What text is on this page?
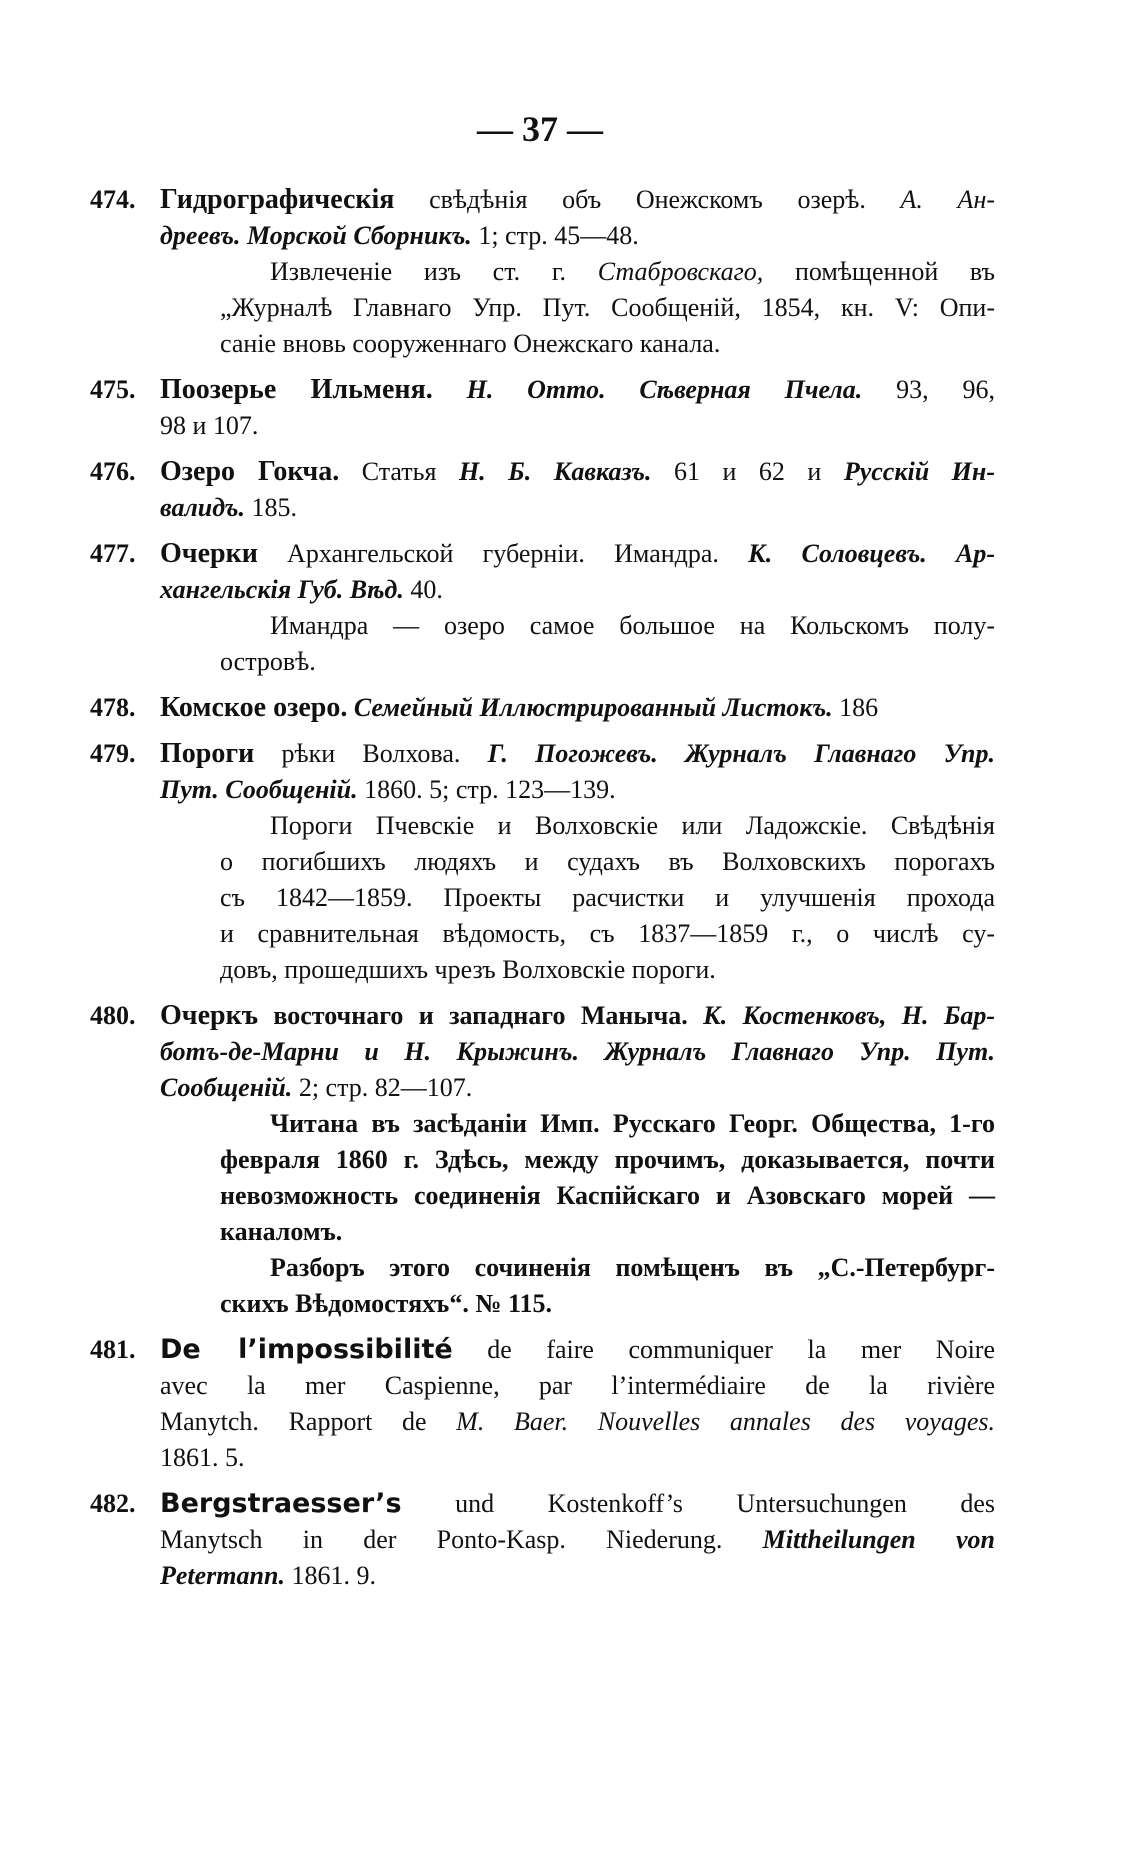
— 37 —
474. Гидрографическія свѣдѣнія объ Онежскомъ озерѣ. А. Ан-
дреевъ. Морской Сборникъ. 1; стр. 45—48.
Извлеченіе изъ ст. г. Стабровскаго, помѣщенной въ
„Журналѣ Главнаго Упр. Пут. Сообщеній, 1854, кн. V: Опи-
саніе вновь сооруженнаго Онежскаго канала.
475. Поозерье Ильменя. Н. Отто. Сѣверная Пчела. 93, 96,
98 и 107.
476. Озеро Гокча. Статья Н. Б. Кавказъ. 61 и 62 и Русскій Ин-
валидъ. 185.
477. Очерки Архангельской губерніи. Имандра. К. Соловцевъ. Ар-
хангельскія Губ. Вѣд. 40.
Имандра — озеро самое большое на Кольскомъ полу-
островѣ.
478. Комское озеро. Семейный Иллюстрированный Листокъ. 186
479. Пороги рѣки Волхова. Г. Погожевъ. Журналъ Главнаго Упр.
Пут. Сообщеній. 1860. 5; стр. 123—139.
Пороги Пчевскіе и Волховскіе или Ладожскіе. Свѣдѣнія
о погибшихъ людяхъ и судахъ въ Волховскихъ порогахъ
съ 1842—1859. Проекты расчистки и улучшенія прохода
и сравнительная вѣдомость, съ 1837—1859 г., о числѣ су-
довъ, прошедшихъ чрезъ Волховскіе пороги.
480. Очеркъ восточнаго и западнаго Маныча. К. Костенковъ, Н. Бар-
ботъ-де-Марни и Н. Крыжинъ. Журналъ Главнаго Упр. Пут.
Сообщеній. 2; стр. 82—107.
Читана въ засѣданіи Имп. Русскаго Георг. Общества, 1-го
февраля 1860 г. Здѣсь, между прочимъ, доказывается, почти
невозможность соединенія Каспійскаго и Азовскаго морей —
каналомъ.
Разборъ этого сочиненія помѣщенъ въ „С.-Петербург-
скихъ Вѣдомостяхъ“. № 115.
481. De l’impossibilité de faire communiquer la mer Noire
avec la mer Caspienne, par l’intermédiaire de la rivière
Manytch. Rapport de M. Baer. Nouvelles annales des voyages.
1861. 5.
482. Bergstraesser’s und Kostenkoff’s Untersuchungen des
Manytsch in der Ponto-Kasp. Niederung. Mittheilungen von
Petermann. 1861. 9.
